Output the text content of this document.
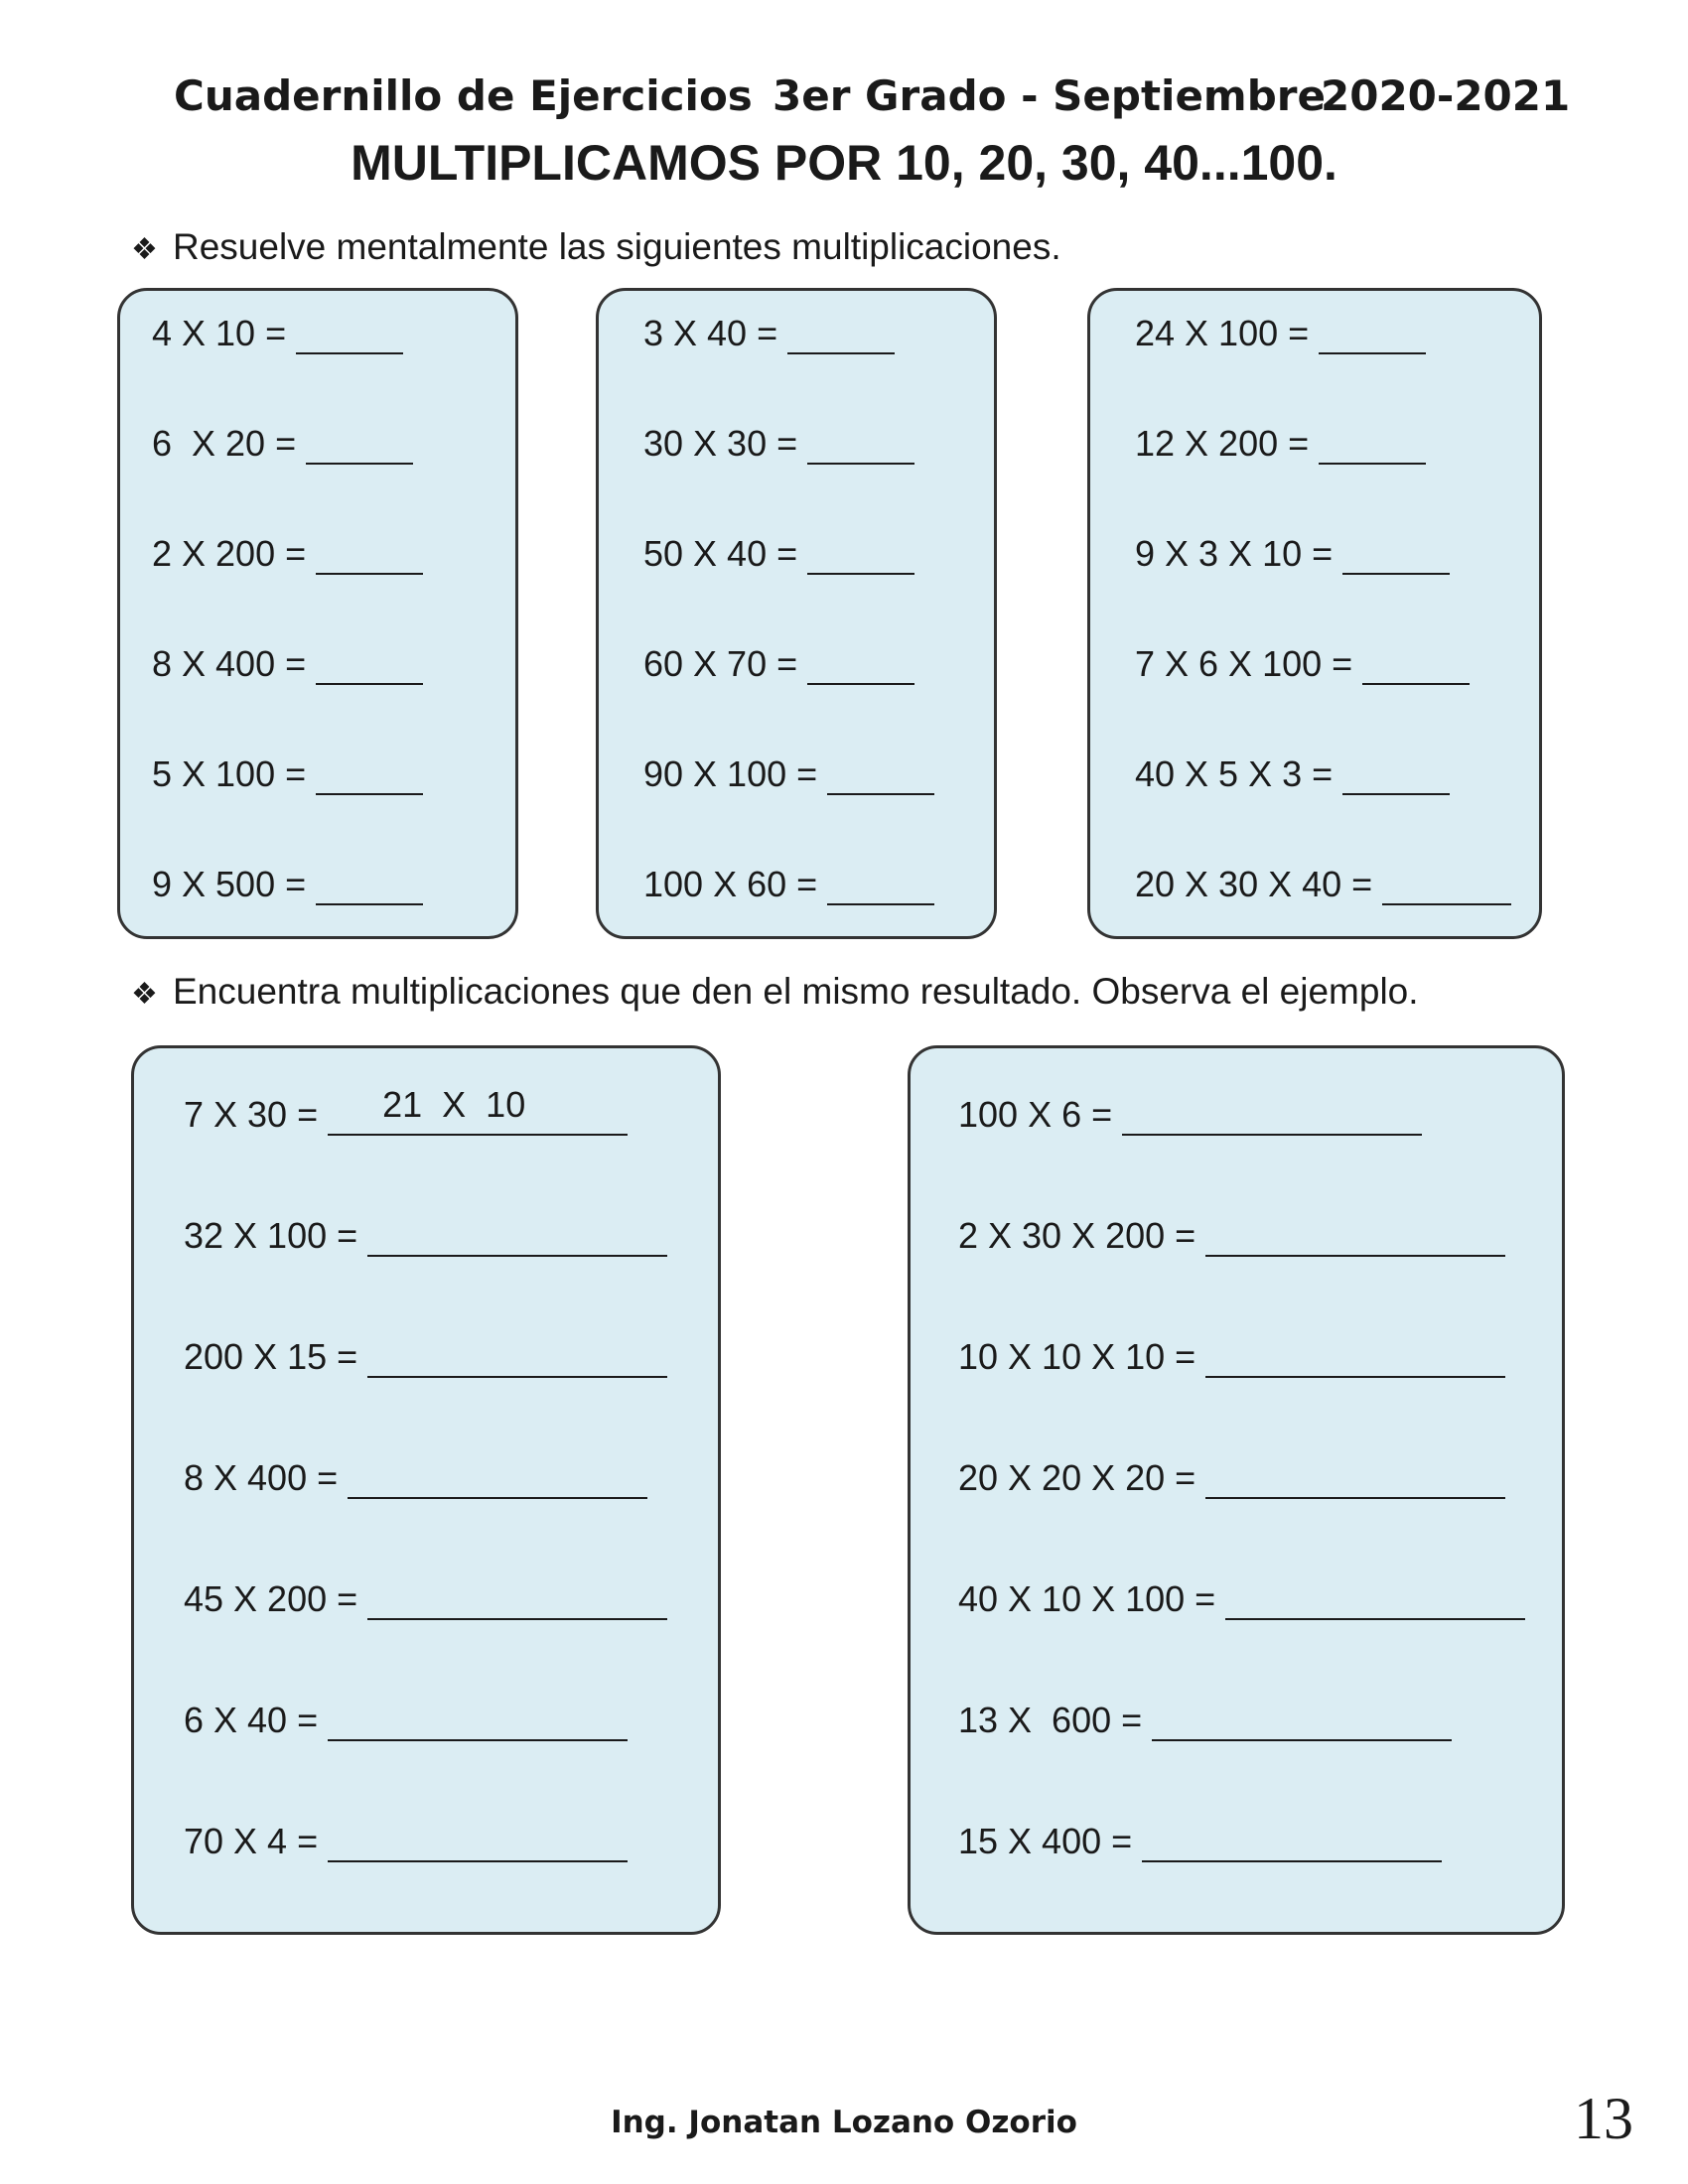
Cuadernillo de Ejercicios 3er Grado - Septiembre
2020-2021
MULTIPLICAMOS POR 10, 20, 30, 40...100.
❖ Resuelve mentalmente las siguientes multiplicaciones.
4 X 10 =
6  X 20 =
2 X 200 =
8 X 400 =
5 X 100 =
9 X 500 =
3 X 40 =
30 X 30 =
50 X 40 =
60 X 70 =
90 X 100 =
100 X 60 =
24 X 100 =
12 X 200 =
9 X 3 X 10 =
7 X 6 X 100 =
40 X 5 X 3 =
20 X 30 X 40 =
❖ Encuentra multiplicaciones que den el mismo resultado. Observa el ejemplo.
7 X 30 = 21  X  10
32 X 100 =
200 X 15 =
8 X 400 =
45 X 200 =
6 X 40 =
70 X 4 =
100 X 6 =
2 X 30 X 200 =
10 X 10 X 10 =
20 X 20 X 20 =
40 X 10 X 100 =
13 X  600 =
15 X 400 =
Ing. Jonatan Lozano Ozorio	13
